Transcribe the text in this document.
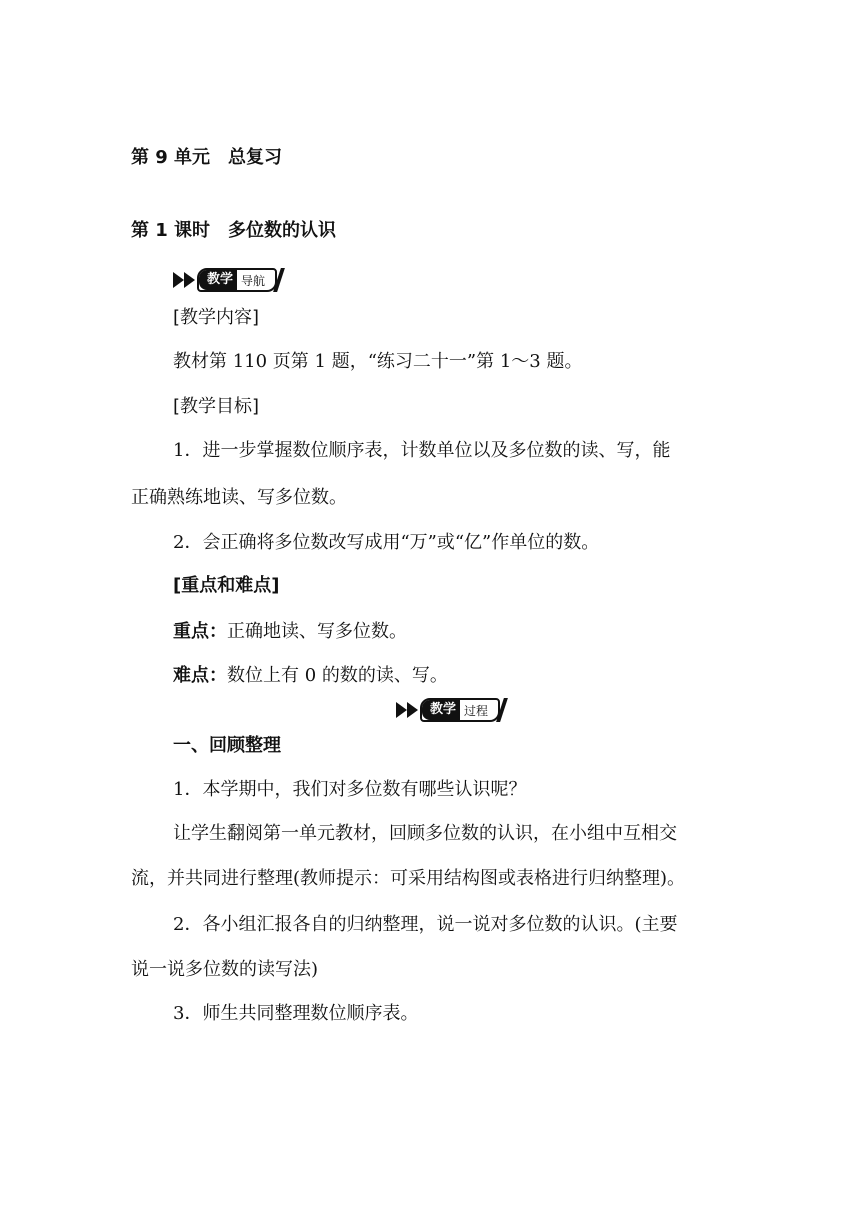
第 9 单元　总复习
第 1 课时　多位数的认识
教学 导航
[教学内容]
教材第 110 页第 1 题，“练习二十一”第 1～3 题。
[教学目标]
1．进一步掌握数位顺序表，计数单位以及多位数的读、写，能
正确熟练地读、写多位数。
2．会正确将多位数改写成用“万”或“亿”作单位的数。
[重点和难点]
重点：正确地读、写多位数。
难点：数位上有 0 的数的读、写。
教学 过程
一、回顾整理
1．本学期中，我们对多位数有哪些认识呢？
让学生翻阅第一单元教材，回顾多位数的认识，在小组中互相交
流，并共同进行整理(教师提示：可采用结构图或表格进行归纳整理)。
2．各小组汇报各自的归纳整理，说一说对多位数的认识。(主要
说一说多位数的读写法)
3．师生共同整理数位顺序表。
